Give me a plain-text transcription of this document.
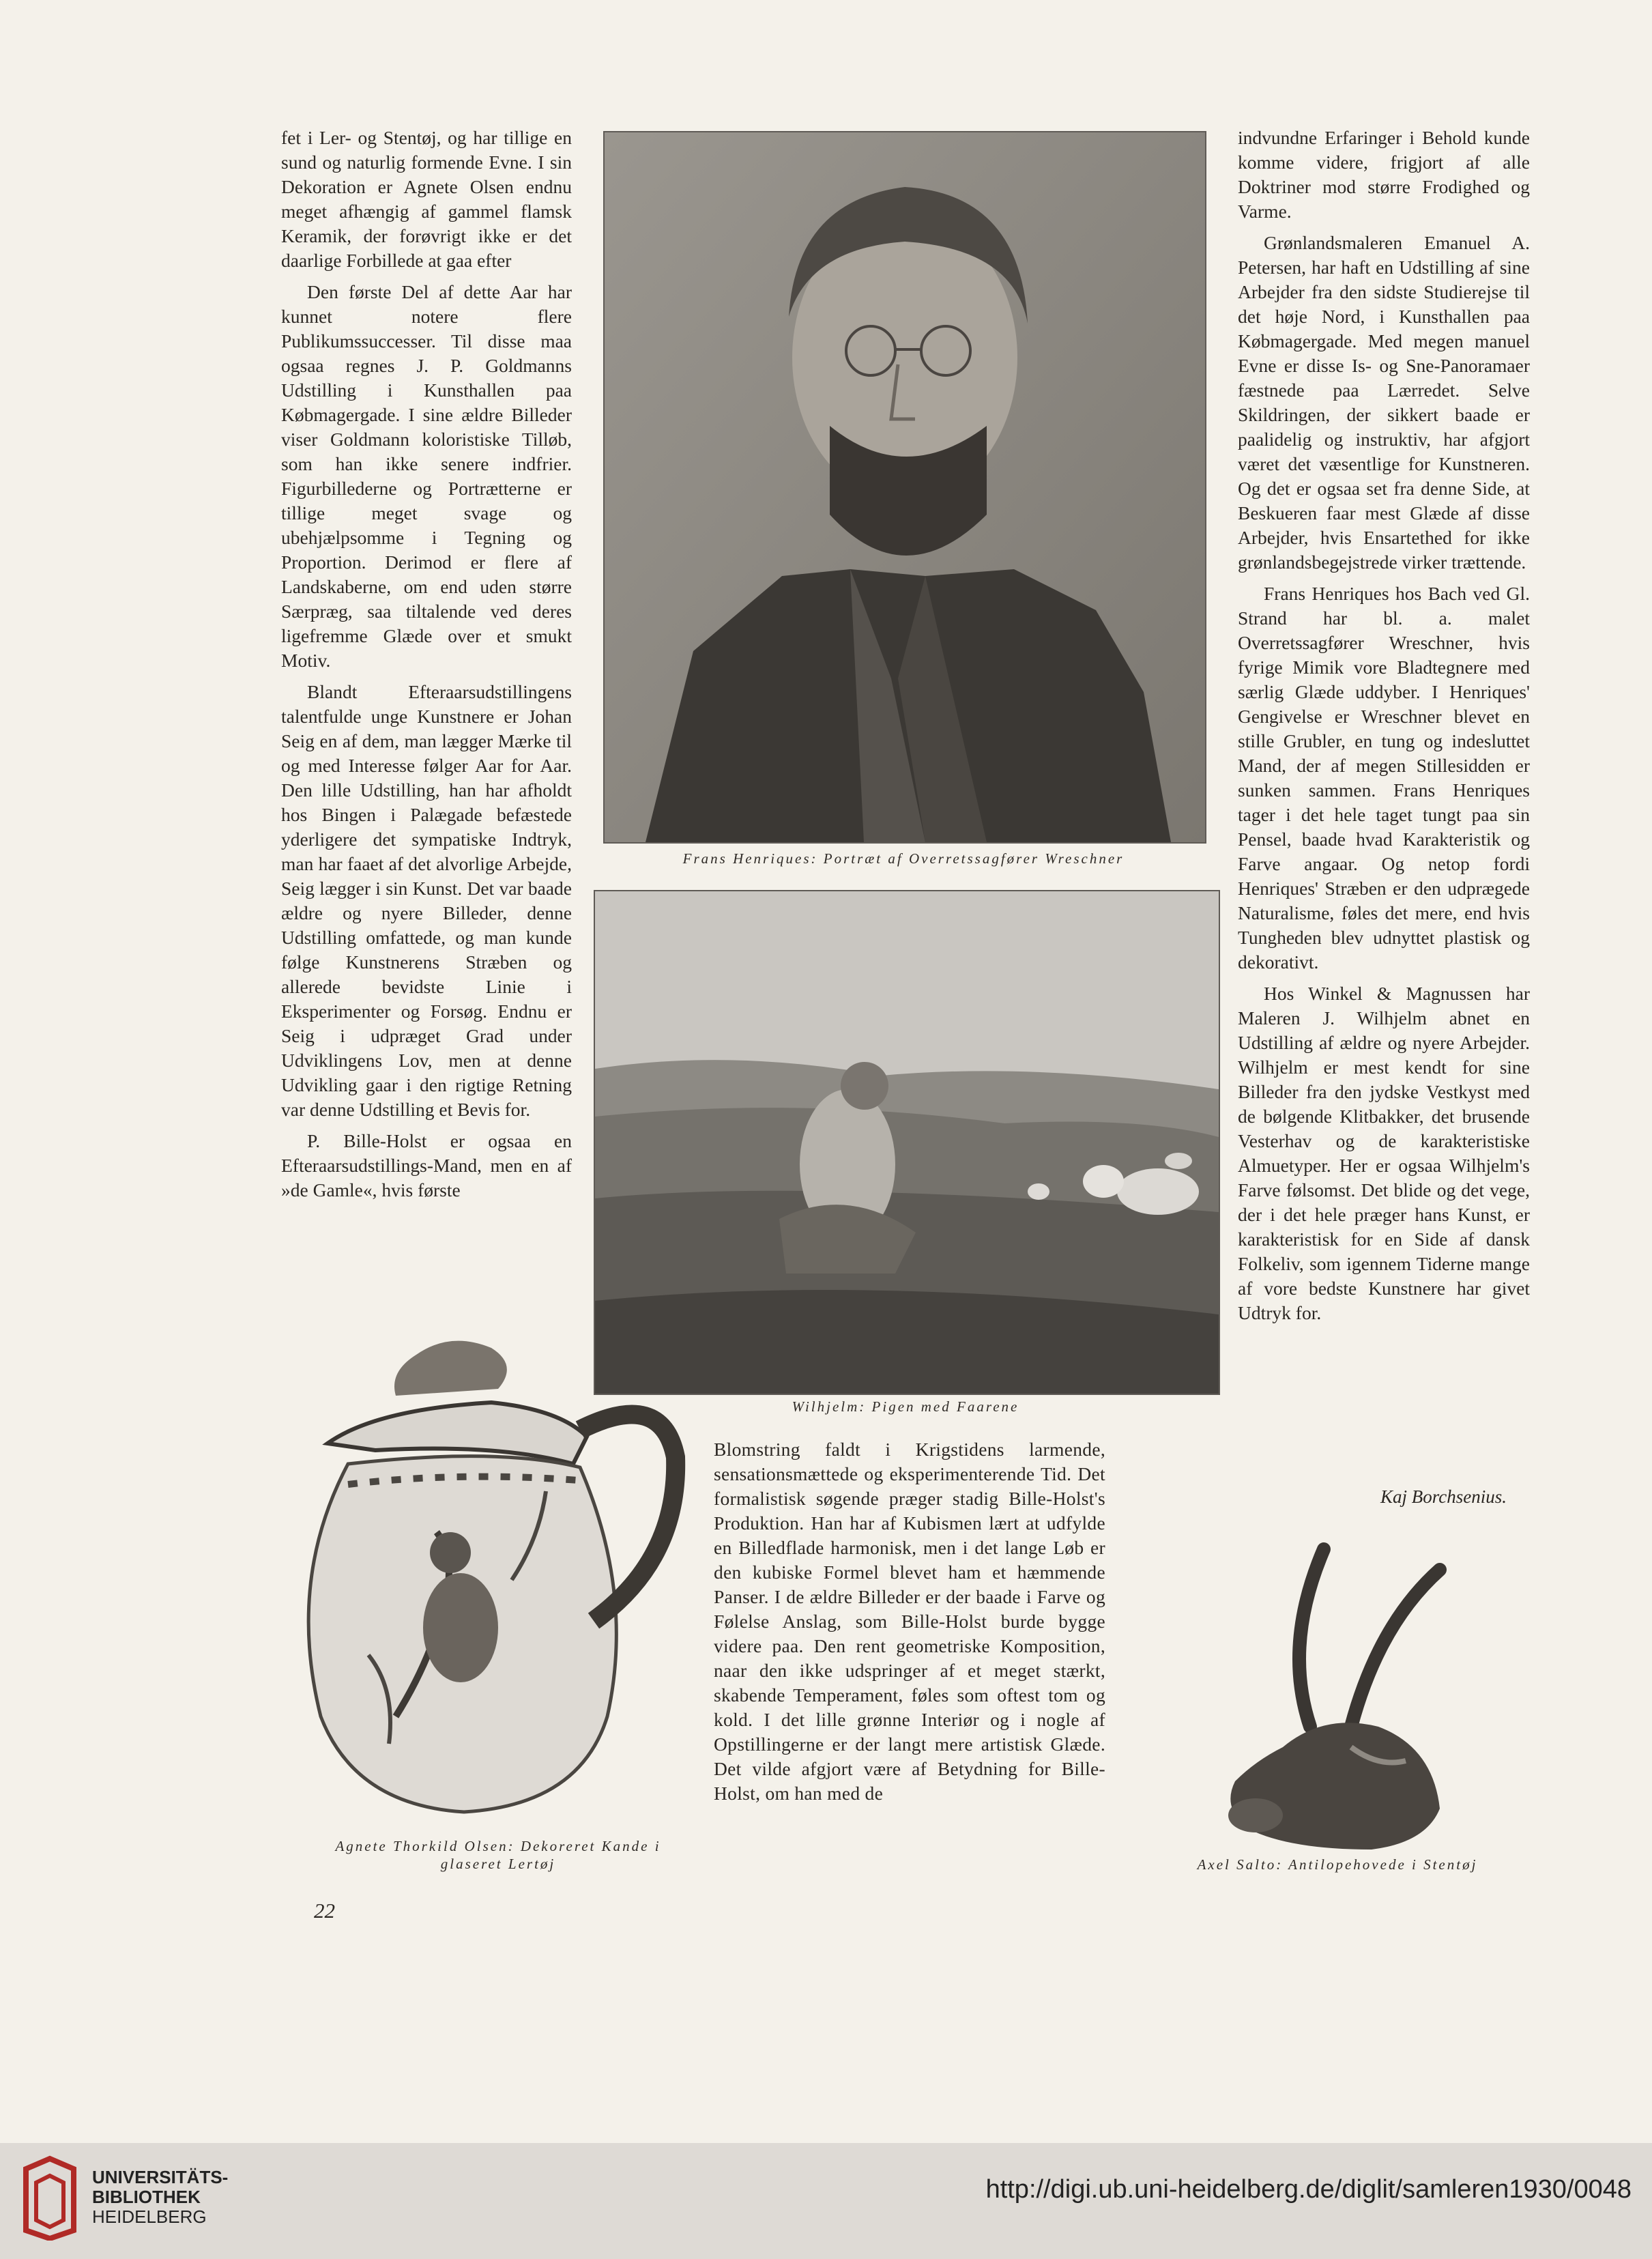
fet i Ler- og Stentøj, og har tillige en sund og naturlig formende Evne. I sin Dekoration er Agnete Olsen endnu meget afhængig af gammel flamsk Keramik, der forøvrigt ikke er det daarlige Forbillede at gaa efter

Den første Del af dette Aar har kunnet notere flere Publikumssuccesser. Til disse maa ogsaa regnes J. P. Goldmanns Udstilling i Kunsthallen paa Købmagergade. I sine ældre Billeder viser Goldmann koloristiske Tilløb, som han ikke senere indfrier. Figurbillederne og Portrætterne er tillige meget svage og ubehjælpsomme i Tegning og Proportion. Derimod er flere af Landskaberne, om end uden større Særpræg, saa tiltalende ved deres ligefremme Glæde over et smukt Motiv.

Blandt Efteraarsudstillingens talentfulde unge Kunstnere er Johan Seig en af dem, man lægger Mærke til og med Interesse følger Aar for Aar. Den lille Udstilling, han har afholdt hos Bingen i Palægade befæstede yderligere det sympatiske Indtryk, man har faaet af det alvorlige Arbejde, Seig lægger i sin Kunst. Det var baade ældre og nyere Billeder, denne Udstilling omfattede, og man kunde følge Kunstnerens Stræben og allerede bevidste Linie i Eksperimenter og Forsøg. Endnu er Seig i udpræget Grad under Udviklingens Lov, men at denne Udvikling gaar i den rigtige Retning var denne Udstilling et Bevis for.

P. Bille-Holst er ogsaa en Efteraarsudstillings-Mand, men en af »de Gamle«, hvis første

Frans Henriques: Portræt af Overretssagfører Wreschner
Wilhjelm: Pigen med Faarene
Agnete Thorkild Olsen: Dekoreret Kande i glaseret Lertøj

Blomstring faldt i Krigstidens larmende, sensationsmættede og eksperimenterende Tid. Det formalistisk søgende præger stadig Bille-Holst's Produktion. Han har af Kubismen lært at udfylde en Billedflade harmonisk, men i det lange Løb er den kubiske Formel blevet ham et hæmmende Panser. I de ældre Billeder er der baade i Farve og Følelse Anslag, som Bille-Holst burde bygge videre paa. Den rent geometriske Komposition, naar den ikke udspringer af et meget stærkt, skabende Temperament, føles som oftest tom og kold. I det lille grønne Interiør og i nogle af Opstillingerne er der langt mere artistisk Glæde. Det vilde afgjort være af Betydning for Bille-Holst, om han med de

indvundne Erfaringer i Behold kunde komme videre, frigjort af alle Doktriner mod større Frodighed og Varme.

Grønlandsmaleren Emanuel A. Petersen, har haft en Udstilling af sine Arbejder fra den sidste Studierejse til det høje Nord, i Kunsthallen paa Købmagergade. Med megen manuel Evne er disse Is- og Sne-Panoramaer fæstnede paa Lærredet. Selve Skildringen, der sikkert baade er paalidelig og instruktiv, har afgjort været det væsentlige for Kunstneren. Og det er ogsaa set fra denne Side, at Beskueren faar mest Glæde af disse Arbejder, hvis Ensartethed for ikke grønlandsbegejstrede virker trættende.

Frans Henriques hos Bach ved Gl. Strand har bl. a. malet Overretssagfører Wreschner, hvis fyrige Mimik vore Bladtegnere med særlig Glæde uddyber. I Henriques' Gengivelse er Wreschner blevet en stille Grubler, en tung og indesluttet Mand, der af megen Stillesidden er sunken sammen. Frans Henriques tager i det hele taget tungt paa sin Pensel, baade hvad Karakteristik og Farve angaar. Og netop fordi Henriques' Stræben er den udprægede Naturalisme, føles det mere, end hvis Tungheden blev udnyttet plastisk og dekorativt.

Hos Winkel & Magnussen har Maleren J. Wilhjelm abnet en Udstilling af ældre og nyere Arbejder. Wilhjelm er mest kendt for sine Billeder fra den jydske Vestkyst med de bølgende Klitbakker, det brusende Vesterhav og de karakteristiske Almuetyper. Her er ogsaa Wilhjelm's Farve følsomst. Det blide og det vege, der i det hele præger hans Kunst, er karakteristisk for en Side af dansk Folkeliv, som igennem Tiderne mange af vore bedste Kunstnere har givet Udtryk for.

Kaj Borchsenius.
Axel Salto: Antilopehovede i Stentøj
22
UNIVERSITÄTS-
BIBLIOTHEK
HEIDELBERG
http://digi.ub.uni-heidelberg.de/diglit/samleren1930/0048
